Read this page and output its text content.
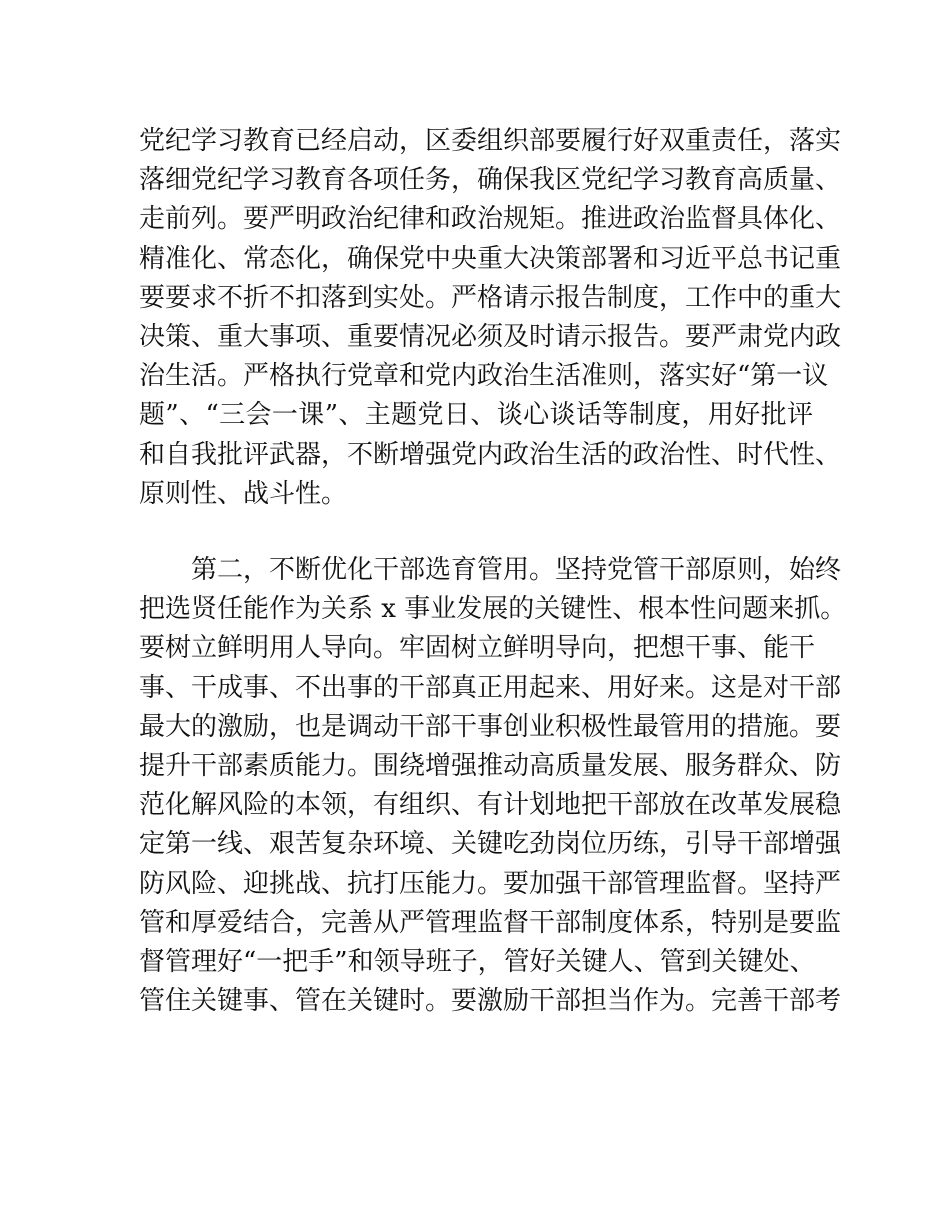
党纪学习教育已经启动，区委组织部要履行好双重责任，落实
落细党纪学习教育各项任务，确保我区党纪学习教育高质量、
走前列。要严明政治纪律和政治规矩。推进政治监督具体化、
精准化、常态化，确保党中央重大决策部署和习近平总书记重
要要求不折不扣落到实处。严格请示报告制度，工作中的重大
决策、重大事项、重要情况必须及时请示报告。要严肃党内政
治生活。严格执行党章和党内政治生活准则，落实好“第一议
题”、“三会一课”、主题党日、谈心谈话等制度，用好批评
和自我批评武器，不断增强党内政治生活的政治性、时代性、
原则性、战斗性。
第二，不断优化干部选育管用。坚持党管干部原则，始终
把选贤任能作为关系 x 事业发展的关键性、根本性问题来抓。
要树立鲜明用人导向。牢固树立鲜明导向，把想干事、能干
事、干成事、不出事的干部真正用起来、用好来。这是对干部
最大的激励，也是调动干部干事创业积极性最管用的措施。要
提升干部素质能力。围绕增强推动高质量发展、服务群众、防
范化解风险的本领，有组织、有计划地把干部放在改革发展稳
定第一线、艰苦复杂环境、关键吃劲岗位历练，引导干部增强
防风险、迎挑战、抗打压能力。要加强干部管理监督。坚持严
管和厚爱结合，完善从严管理监督干部制度体系，特别是要监
督管理好“一把手”和领导班子，管好关键人、管到关键处、
管住关键事、管在关键时。要激励干部担当作为。完善干部考
